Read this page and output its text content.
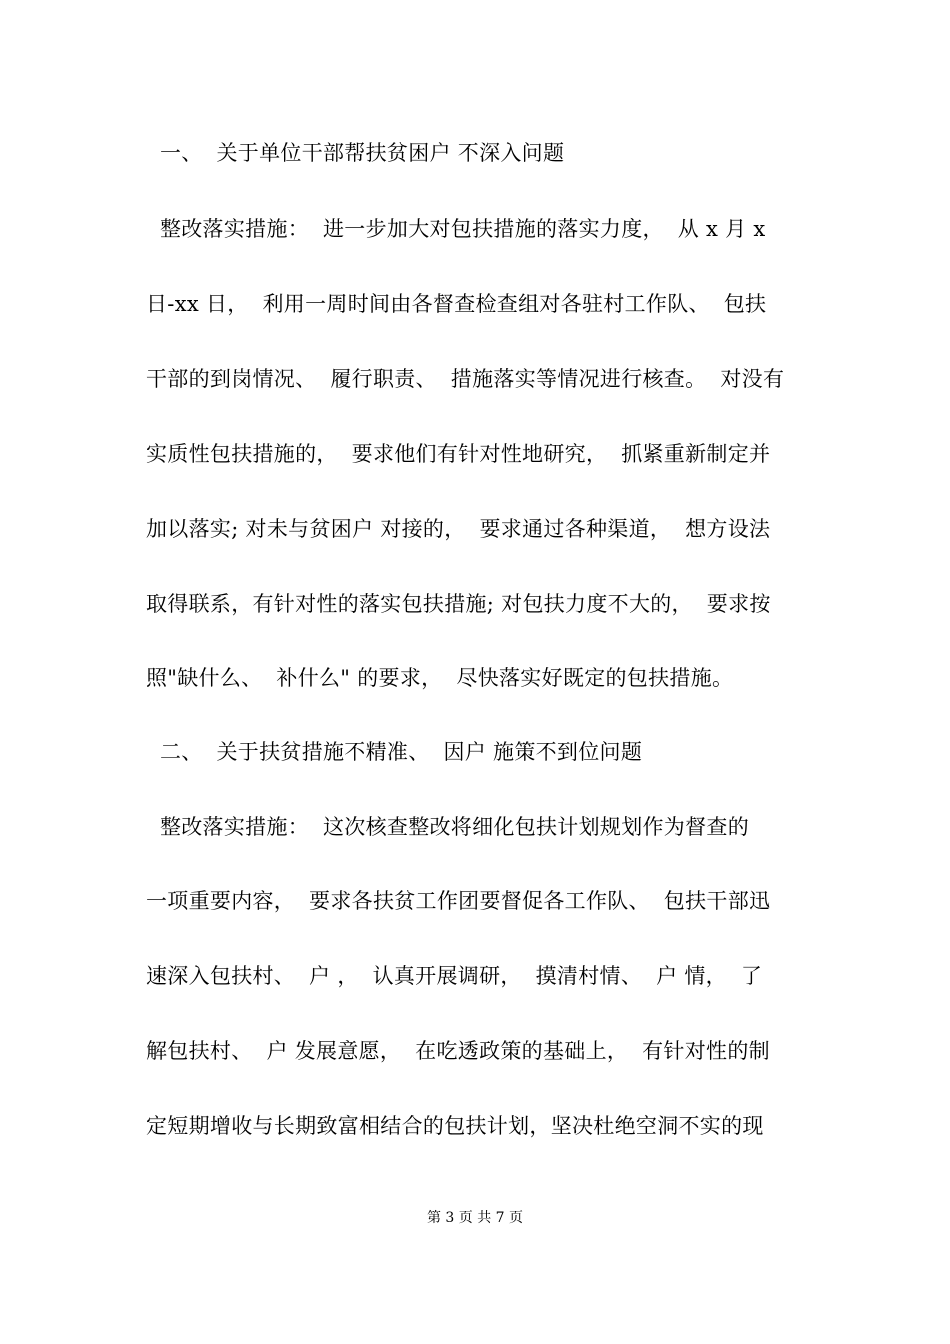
一、  关于单位干部帮扶贫困户 不深入问题
整改落实措施：  进一步加大对包扶措施的落实力度，  从 x 月 x
日-xx 日，  利用一周时间由各督查检查组对各驻村工作队、  包扶
干部的到岗情况、  履行职责、  措施落实等情况进行核查。  对没有
实质性包扶措施的，  要求他们有针对性地研究，  抓紧重新制定并
加以落实; 对未与贫困户 对接的，  要求通过各种渠道，  想方设法
取得联系，有针对性的落实包扶措施; 对包扶力度不大的，  要求按
照"缺什么、  补什么" 的要求，  尽快落实好既定的包扶措施。
二、  关于扶贫措施不精准、  因户 施策不到位问题
整改落实措施：  这次核查整改将细化包扶计划规划作为督查的
一项重要内容，  要求各扶贫工作团要督促各工作队、  包扶干部迅
速深入包扶村、  户 ，  认真开展调研，  摸清村情、  户 情，  了
解包扶村、  户 发展意愿，  在吃透政策的基础上，  有针对性的制
定短期增收与长期致富相结合的包扶计划，坚决杜绝空洞不实的现
第 3 页 共 7 页
